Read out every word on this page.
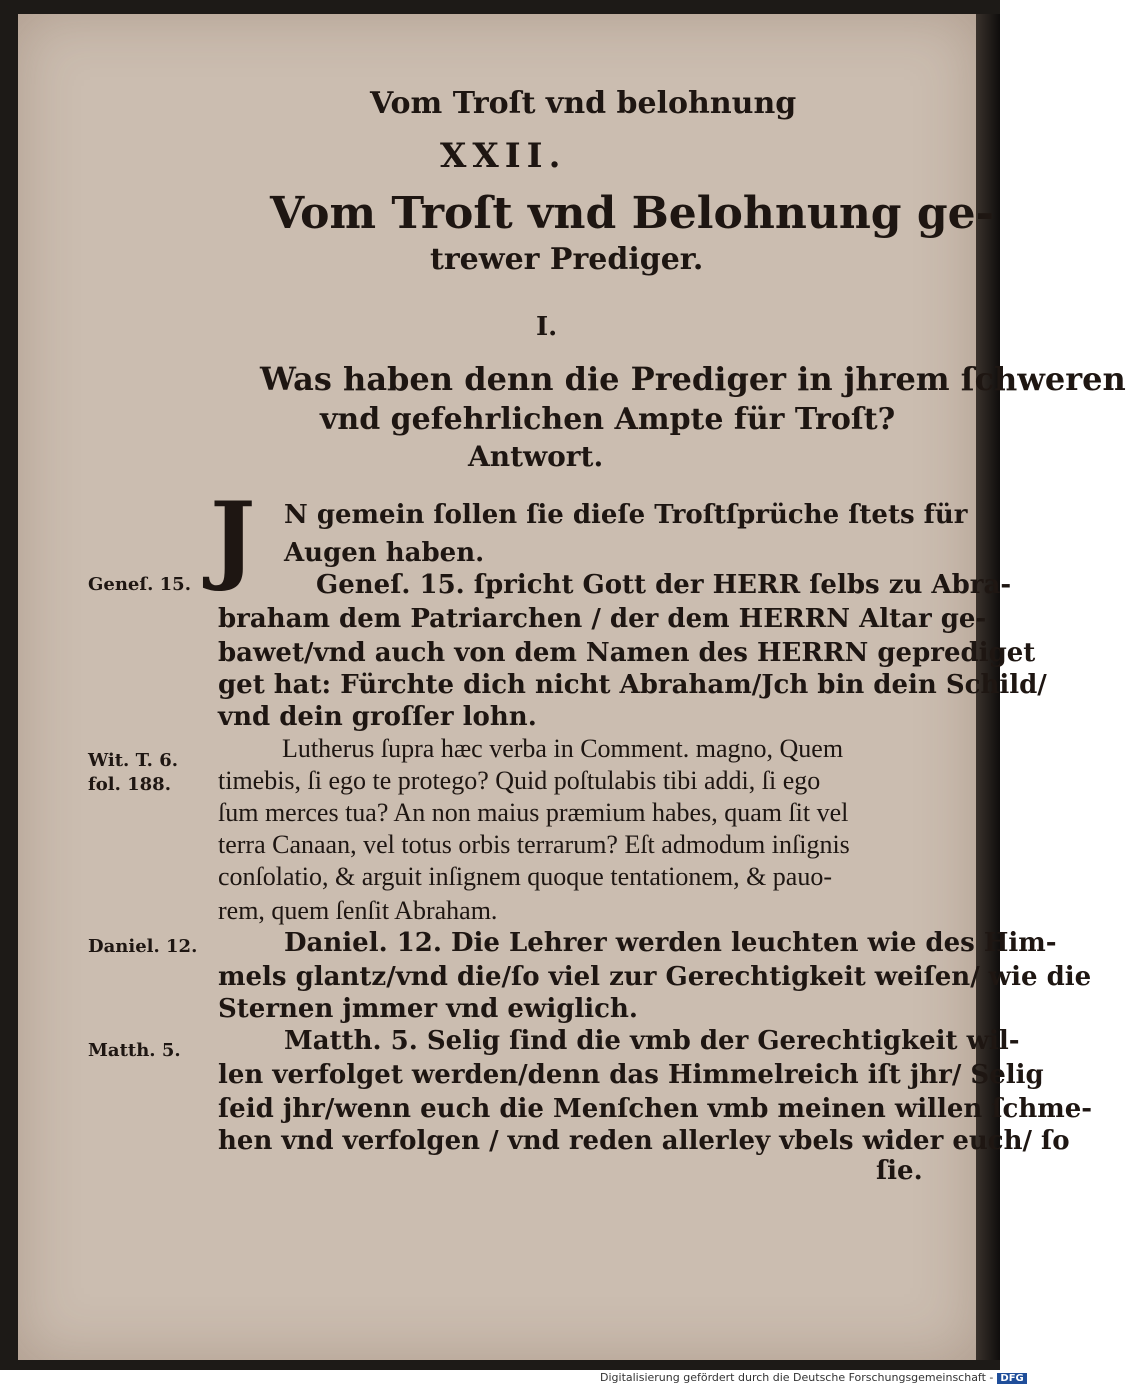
Vom Troſt vnd belohnung
XXII.
Vom Troſt vnd Belohnung ge-
trewer Prediger.
I.
Was haben denn die Prediger in jhrem ſchweren
vnd gefehrlichen Ampte für Troſt?
Antwort.
J	N gemein ſollen ſie dieſe Troſtſprüche ſtets für
Augen haben.
Geneſ. 15. ſpricht Gott der HERR ſelbs zu Abra-
braham dem Patriarchen / der dem HERRN Altar ge-
bawet/vnd auch von dem Namen des HERRN geprediget
get hat: Fürchte dich nicht Abraham/Jch bin dein Schild/
vnd dein groſſer lohn.
Lutherus ſupra hæc verba in Comment. magno, Quem
timebis, ſi ego te protego? Quid poſtulabis tibi addi, ſi ego
ſum merces tua? An non maius præmium habes, quam ſit vel
terra Canaan, vel totus orbis terrarum? Eſt admodum inſignis
conſolatio, & arguit inſignem quoque tentationem, & pauo-
rem, quem ſenſit Abraham.
Daniel. 12. Die Lehrer werden leuchten wie des Him-
mels glantz/vnd die/ſo viel zur Gerechtigkeit weiſen/ wie die
Sternen jmmer vnd ewiglich.
Matth. 5. Selig ſind die vmb der Gerechtigkeit wil-
len verfolget werden/denn das Himmelreich iſt jhr/ Selig
ſeid jhr/wenn euch die Menſchen vmb meinen willen ſchme-
hen vnd verfolgen / vnd reden allerley vbels wider euch/ ſo
ſie.
Geneſ. 15.
Wit. T. 6.
fol. 188.
Daniel. 12.
Matth. 5.
Digitalisierung gefördert durch die Deutsche Forschungsgemeinschaft - DFG
